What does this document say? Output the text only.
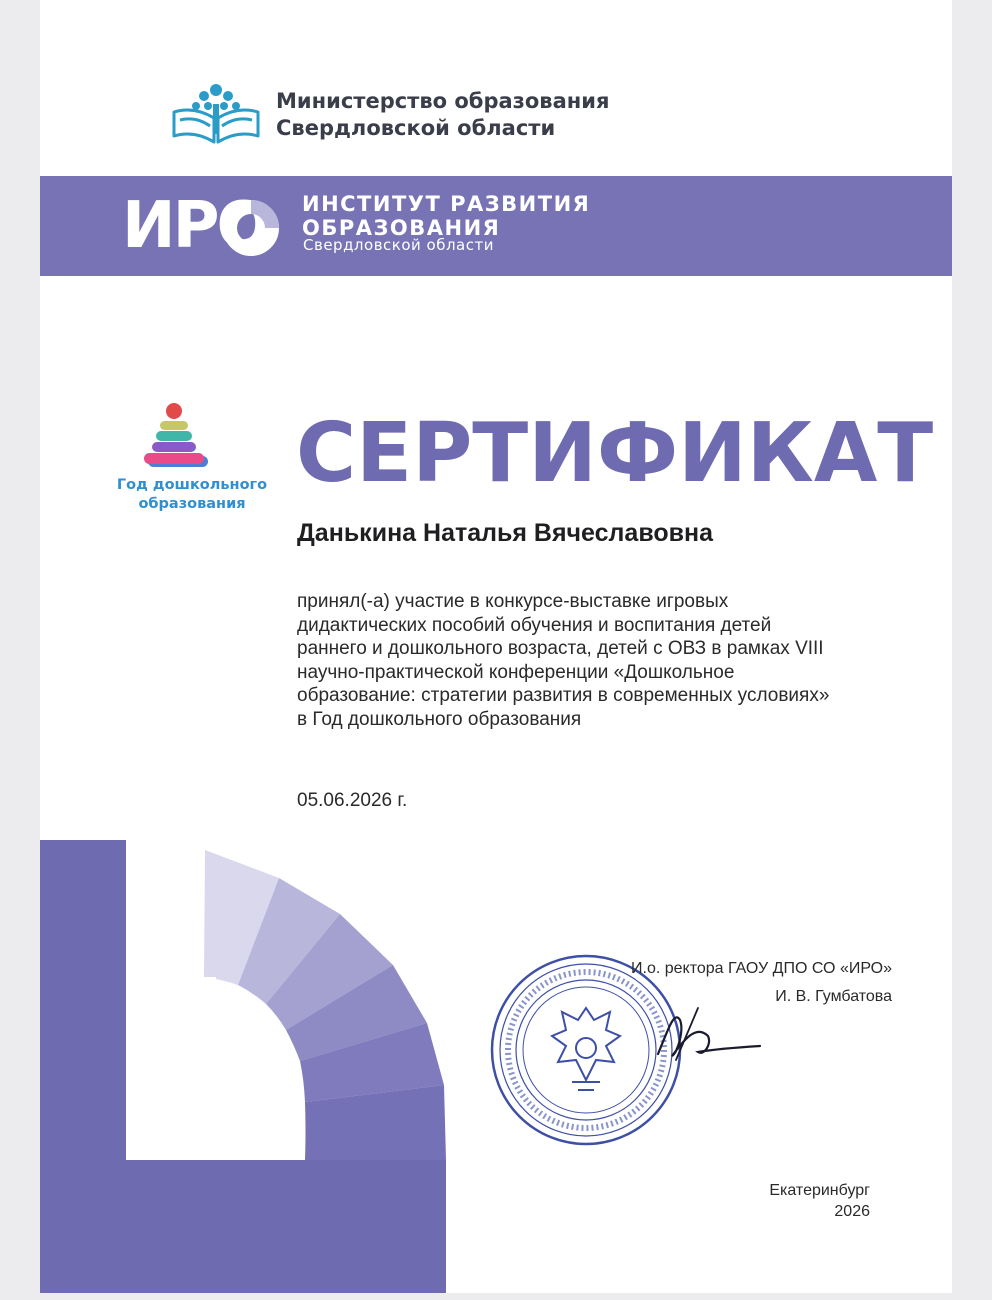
Министерство образования
Свердловской области
ИРО ИНСТИТУТ РАЗВИТИЯ
ОБРАЗОВАНИЯ
Свердловской области
Год дошкольного
образования
СЕРТИФИКАТ
Данькина Наталья Вячеславовна
принял(-а) участие в конкурсе-выставке игровых
дидактических пособий обучения и воспитания детей
раннего и дошкольного возраста, детей с ОВЗ в рамках VIII
научно-практической конференции «Дошкольное
образование: стратегии развития в современных условиях»
в Год дошкольного образования
05.06.2026 г.
И.о. ректора ГАОУ ДПО СО «ИРО»
И. В. Гумбатова
Екатеринбург
2026
